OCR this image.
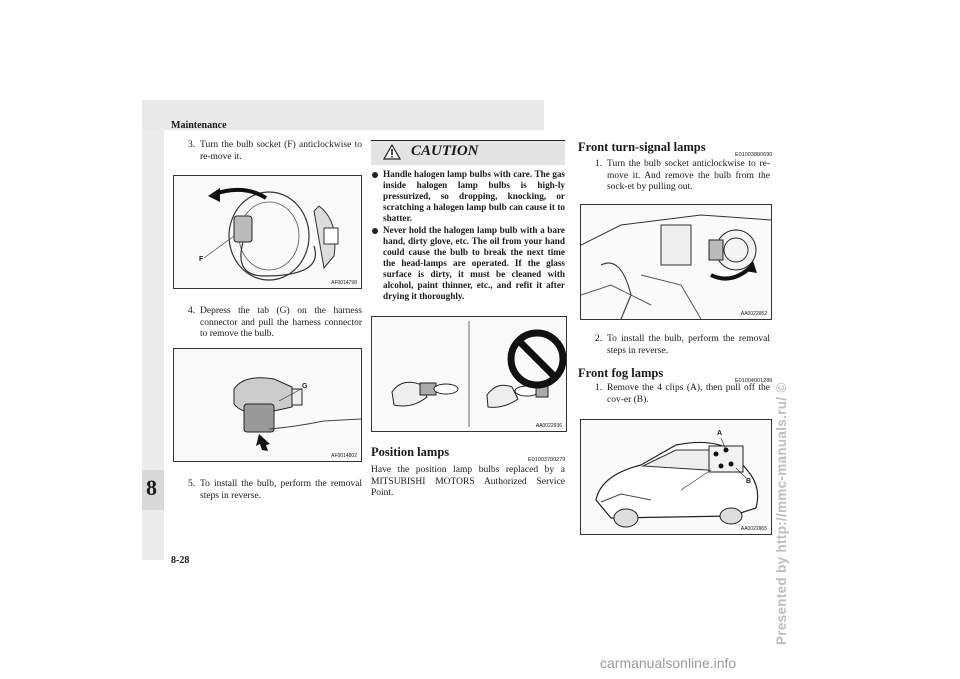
Maintenance
8
8-28
3. Turn the bulb socket (F) anticlockwise to re-move it.
F
AF0014798
4. Depress the tab (G) on the harness connector and pull the harness connector to remove the bulb.
G
AF0014802
5. To install the bulb, perform the removal steps in reverse.
CAUTION
Handle halogen lamp bulbs with care. The gas inside halogen lamp bulbs is high-ly pressurized, so dropping, knocking, or scratching a halogen lamp bulb can cause it to shatter.
Never hold the halogen lamp bulb with a bare hand, dirty glove, etc. The oil from your hand could cause the bulb to break the next time the head-lamps are operated. If the glass surface is dirty, it must be cleaned with alcohol, paint thinner, etc., and refit it after drying it thoroughly.
AA0022936
Position lamps
E01003700279
Have the position lamp bulbs replaced by a MITSUBISHI MOTORS Authorized Service Point.
Front turn-signal lamps
E01003800690
1. Turn the bulb socket anticlockwise to re-move it. And remove the bulb from the sock-et by pulling out.
AA0022952
2. To install the bulb, perform the removal steps in reverse.
Front fog lamps
E01004001289
1. Remove the 4 clips (A), then pull off the cov-er (B).
A
B
AA0022965 Presented by http://mmc-manuals.ru/ ©
carmanualsonline.info
